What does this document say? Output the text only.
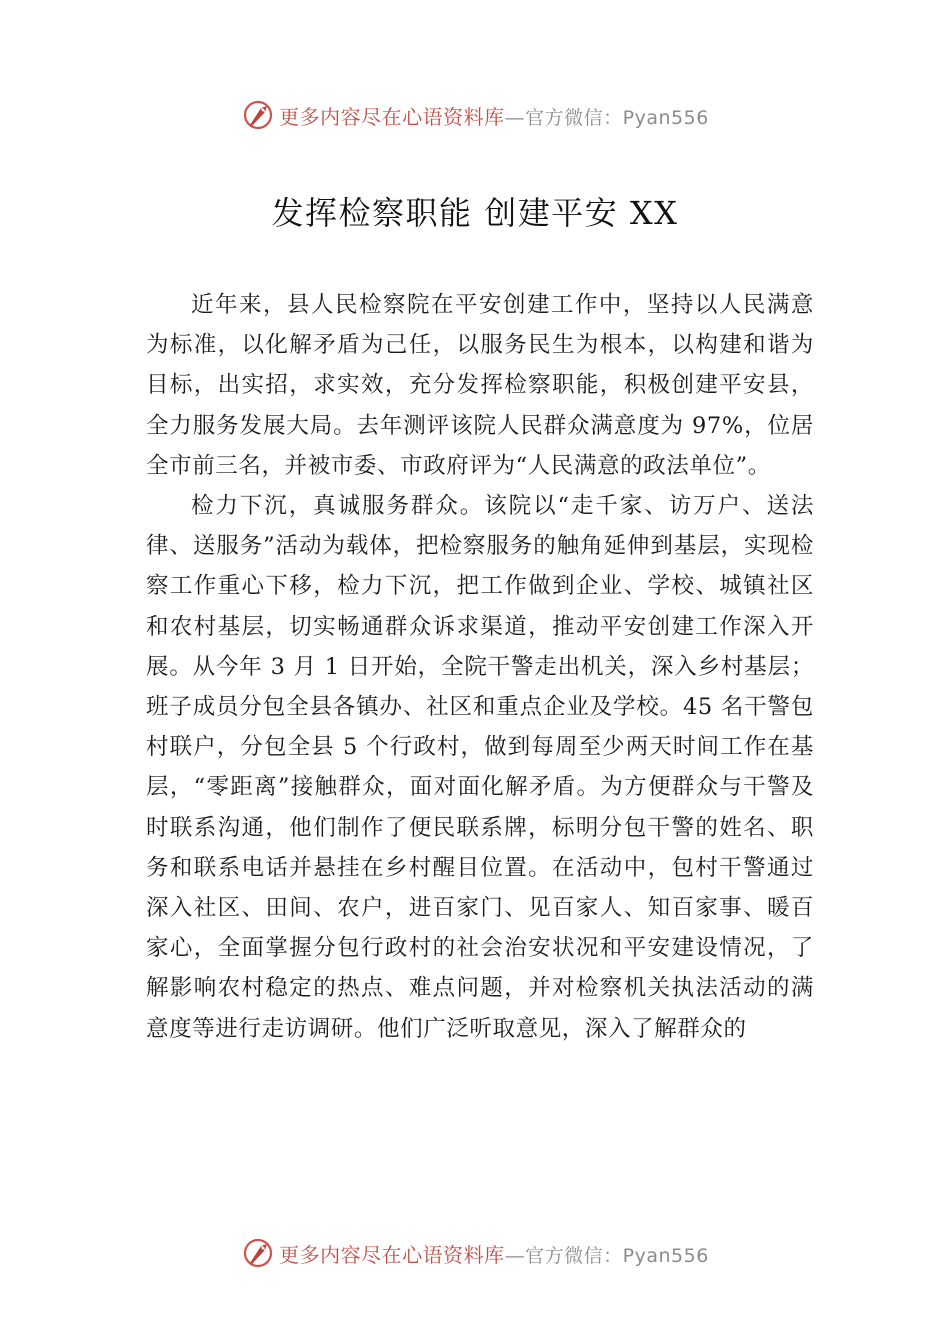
更多内容尽在心语资料库—官方微信：Pyan556
发挥检察职能 创建平安 XX

近年来，县人民检察院在平安创建工作中，坚持以人民满意为标准，以化解矛盾为己任，以服务民生为根本，以构建和谐为目标，出实招，求实效，充分发挥检察职能，积极创建平安县，全力服务发展大局。去年测评该院人民群众满意度为 97%，位居全市前三名，并被市委、市政府评为“人民满意的政法单位”。

检力下沉，真诚服务群众。该院以“走千家、访万户、送法律、送服务”活动为载体，把检察服务的触角延伸到基层，实现检察工作重心下移，检力下沉，把工作做到企业、学校、城镇社区和农村基层，切实畅通群众诉求渠道，推动平安创建工作深入开展。从今年 3 月 1 日开始，全院干警走出机关，深入乡村基层；班子成员分包全县各镇办、社区和重点企业及学校。45 名干警包村联户，分包全县 5 个行政村，做到每周至少两天时间工作在基层，“零距离”接触群众，面对面化解矛盾。为方便群众与干警及时联系沟通，他们制作了便民联系牌，标明分包干警的姓名、职务和联系电话并悬挂在乡村醒目位置。在活动中，包村干警通过深入社区、田间、农户，进百家门、见百家人、知百家事、暖百家心，全面掌握分包行政村的社会治安状况和平安建设情况，了解影响农村稳定的热点、难点问题，并对检察机关执法活动的满意度等进行走访调研。他们广泛听取意见，深入了解群众的

更多内容尽在心语资料库—官方微信：Pyan556
